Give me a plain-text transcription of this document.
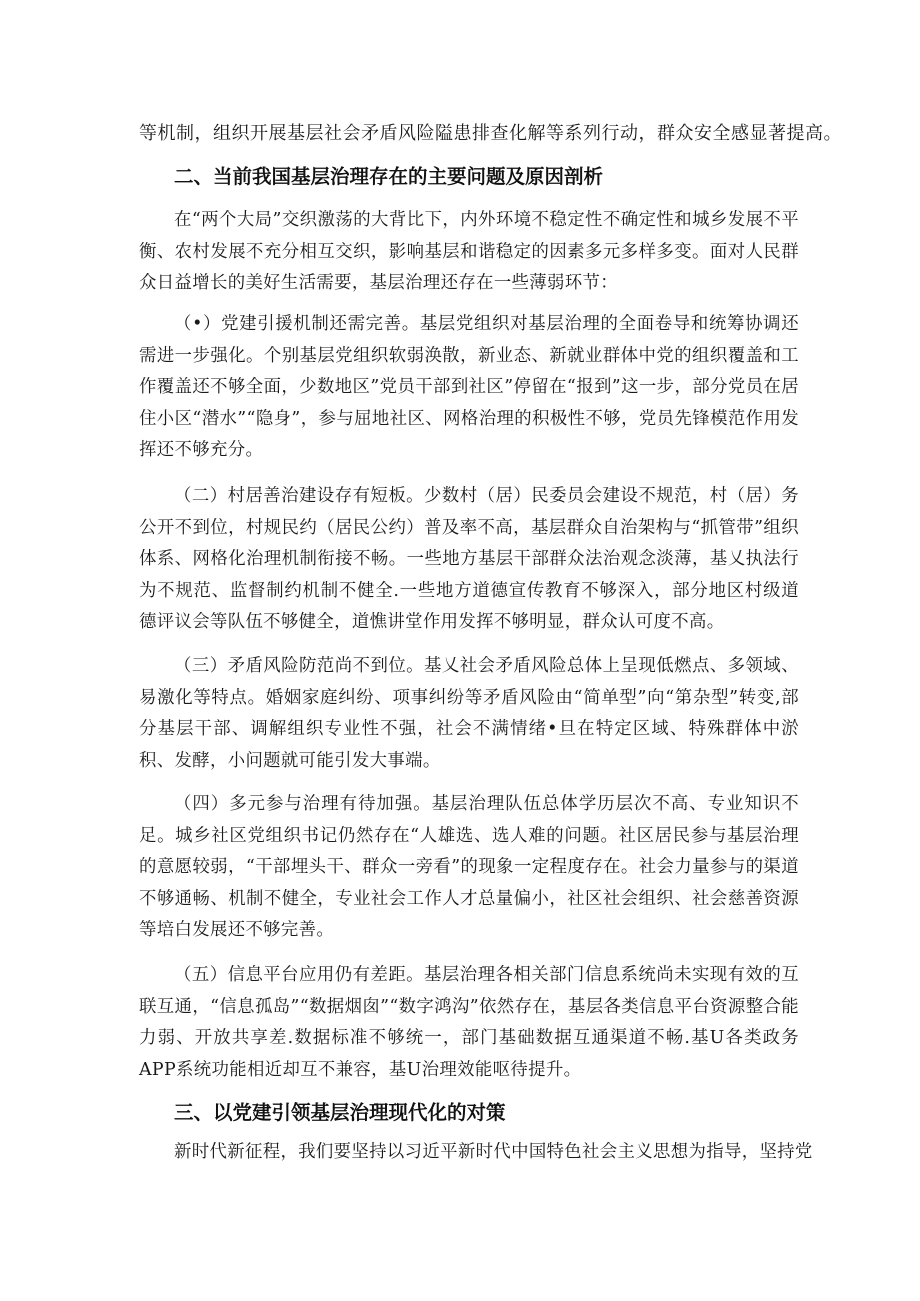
等机制，组织开展基层社会矛盾风险隘患排查化解等系列行动，群众安全感显著提高。
二、当前我国基层治理存在的主要问题及原因剖析
在“两个大局”交织激荡的大背比下，内外环境不稳定性不确定性和城乡发展不平衡、农村发展不充分相互交织，影响基层和谐稳定的因素多元多样多变。面对人民群众日益增长的美好生活需要，基层治理还存在一些薄弱环节：
（•）党建引援机制还需完善。基层党组织对基层治理的全面卷导和统筹协调还需进一步强化。个别基层党组织软弱涣散，新业态、新就业群体中党的组织覆盖和工作覆盖还不够全面，少数地区”党员干部到社区”停留在“报到”这一步，部分党员在居住小区“潜水”“隐身”，参与屈地社区、网格治理的积极性不够，党员先锋模范作用发挥还不够充分。
（二）村居善治建设存有短板。少数村（居）民委员会建设不规范，村（居）务公开不到位，村规民约（居民公约）普及率不高，基层群众自治架构与“抓管带”组织体系、网格化治理机制衔接不畅。一些地方基层干部群众法治观念淡薄，基乂执法行为不规范、监督制约机制不健全.一些地方道德宣传教育不够深入，部分地区村级道德评议会等队伍不够健全，道憔讲堂作用发挥不够明显，群众认可度不高。
（三）矛盾风险防范尚不到位。基乂社会矛盾风险总体上呈现低燃点、多领域、易激化等特点。婚姻家庭纠纷、项事纠纷等矛盾风险由“简单型”向“第杂型”转变,部分基层干部、调解组织专业性不强，社会不满情绪•旦在特定区域、特殊群体中淤积、发酵，小问题就可能引发大事端。
（四）多元参与治理有待加强。基层治理队伍总体学历层次不高、专业知识不足。城乡社区党组织书记仍然存在“人雄选、选人难的问题。社区居民参与基层治理的意愿较弱，“干部埋头干、群众一旁看”的现象一定程度存在。社会力量参与的渠道不够通畅、机制不健全，专业社会工作人才总量偏小，社区社会组织、社会慈善资源等培白发展还不够完善。
（五）信息平台应用仍有差距。基层治理各相关部门信息系统尚未实现有效的互联互通，“信息孤岛”“数据烟囱”“数字鸿沟”依然存在，基层各类信息平台资源整合能力弱、开放共享差.数据标准不够统一，部门基础数据互通渠道不畅.基U各类政务APP系统功能相近却互不兼容，基U治理效能呕待提升。
三、以党建引领基层治理现代化的对策
新时代新征程，我们要坚持以习近平新时代中国特色社会主义思想为指导，坚持党
